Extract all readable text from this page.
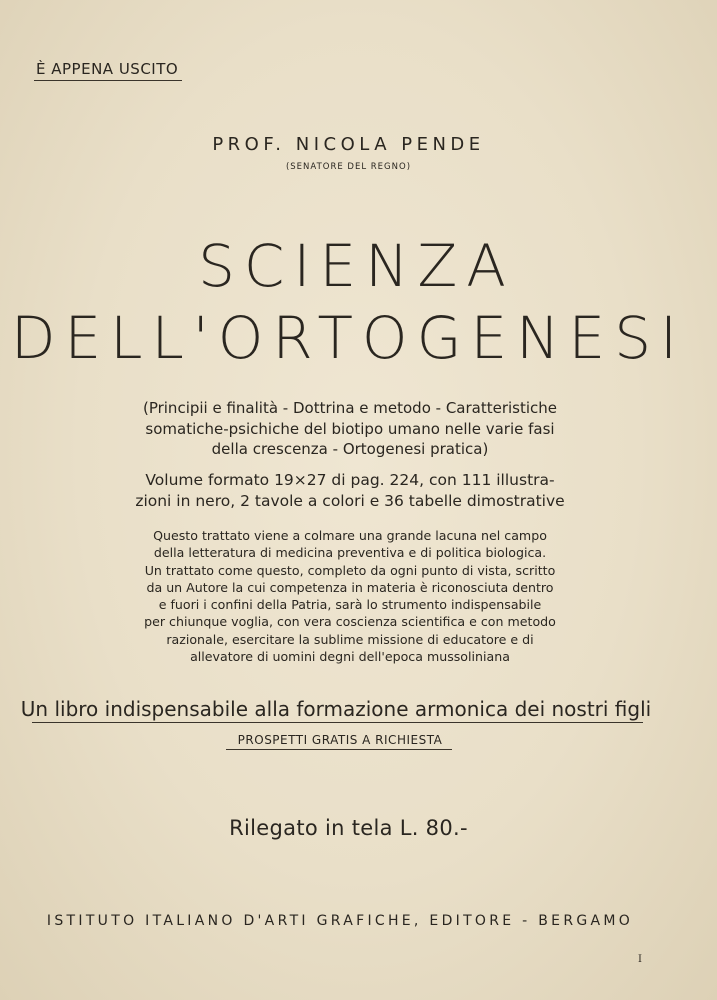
È APPENA USCITO
PROF. NICOLA PENDE
(SENATORE DEL REGNO)
SCIENZA
DELL'ORTOGENESI
(Principii e finalità - Dottrina e metodo - Caratteristiche
somatiche-psichiche del biotipo umano nelle varie fasi
della crescenza - Ortogenesi pratica)
Volume formato 19×27 di pag. 224, con 111 illustra-
zioni in nero, 2 tavole a colori e 36 tabelle dimostrative
Questo trattato viene a colmare una grande lacuna nel campo
della letteratura di medicina preventiva e di politica biologica.
Un trattato come questo, completo da ogni punto di vista, scritto
da un Autore la cui competenza in materia è riconosciuta dentro
e fuori i confini della Patria, sarà lo strumento indispensabile
per chiunque voglia, con vera coscienza scientifica e con metodo
razionale, esercitare la sublime missione di educatore e di
allevatore di uomini degni dell'epoca mussoliniana
Un libro indispensabile alla formazione armonica dei nostri figli
PROSPETTI GRATIS A RICHIESTA
Rilegato in tela L. 80.-
ISTITUTO ITALIANO D'ARTI GRAFICHE, EDITORE - BERGAMO
I
